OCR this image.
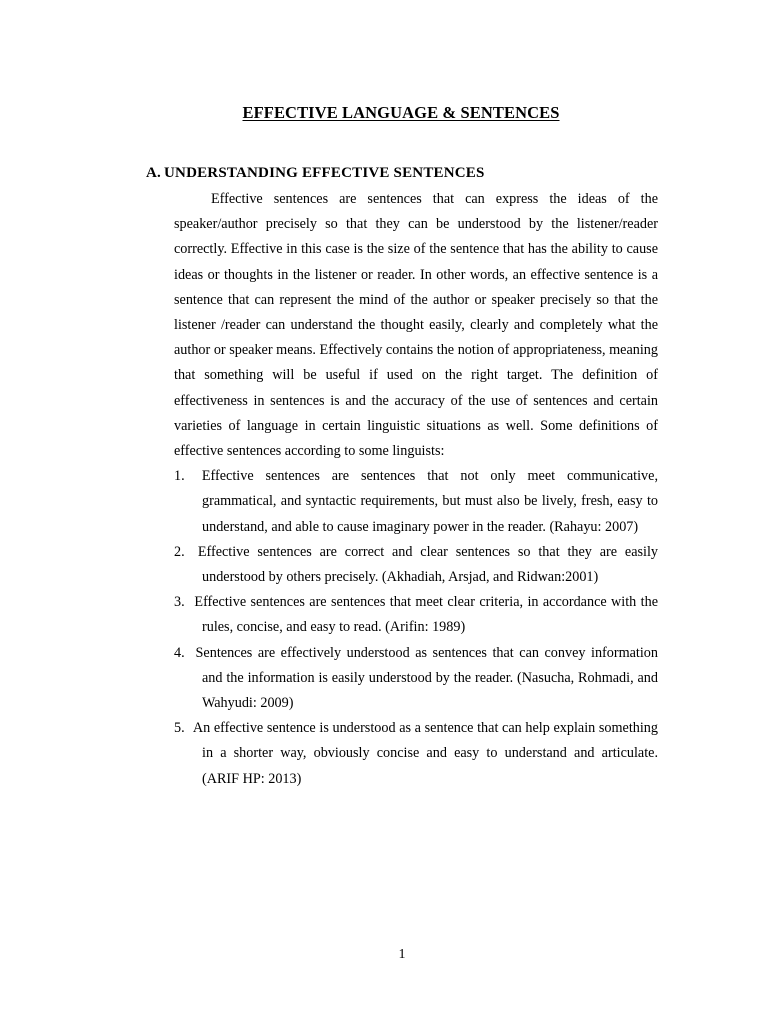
EFFECTIVE LANGUAGE & SENTENCES
A. UNDERSTANDING EFFECTIVE SENTENCES

Effective sentences are sentences that can express the ideas of the speaker/author precisely so that they can be understood by the listener/reader correctly. Effective in this case is the size of the sentence that has the ability to cause ideas or thoughts in the listener or reader. In other words, an effective sentence is a sentence that can represent the mind of the author or speaker precisely so that the listener /reader can understand the thought easily, clearly and completely what the author or speaker means. Effectively contains the notion of appropriateness, meaning that something will be useful if used on the right target. The definition of effectiveness in sentences is and the accuracy of the use of sentences and certain varieties of language in certain linguistic situations as well. Some definitions of effective sentences according to some linguists:

1. Effective sentences are sentences that not only meet communicative, grammatical, and syntactic requirements, but must also be lively, fresh, easy to understand, and able to cause imaginary power in the reader. (Rahayu: 2007)
2. Effective sentences are correct and clear sentences so that they are easily understood by others precisely. (Akhadiah, Arsjad, and Ridwan:2001)
3. Effective sentences are sentences that meet clear criteria, in accordance with the rules, concise, and easy to read. (Arifin: 1989)
4. Sentences are effectively understood as sentences that can convey information and the information is easily understood by the reader. (Nasucha, Rohmadi, and Wahyudi: 2009)
5. An effective sentence is understood as a sentence that can help explain something in a shorter way, obviously concise and easy to understand and articulate. (ARIF HP: 2013)
1
